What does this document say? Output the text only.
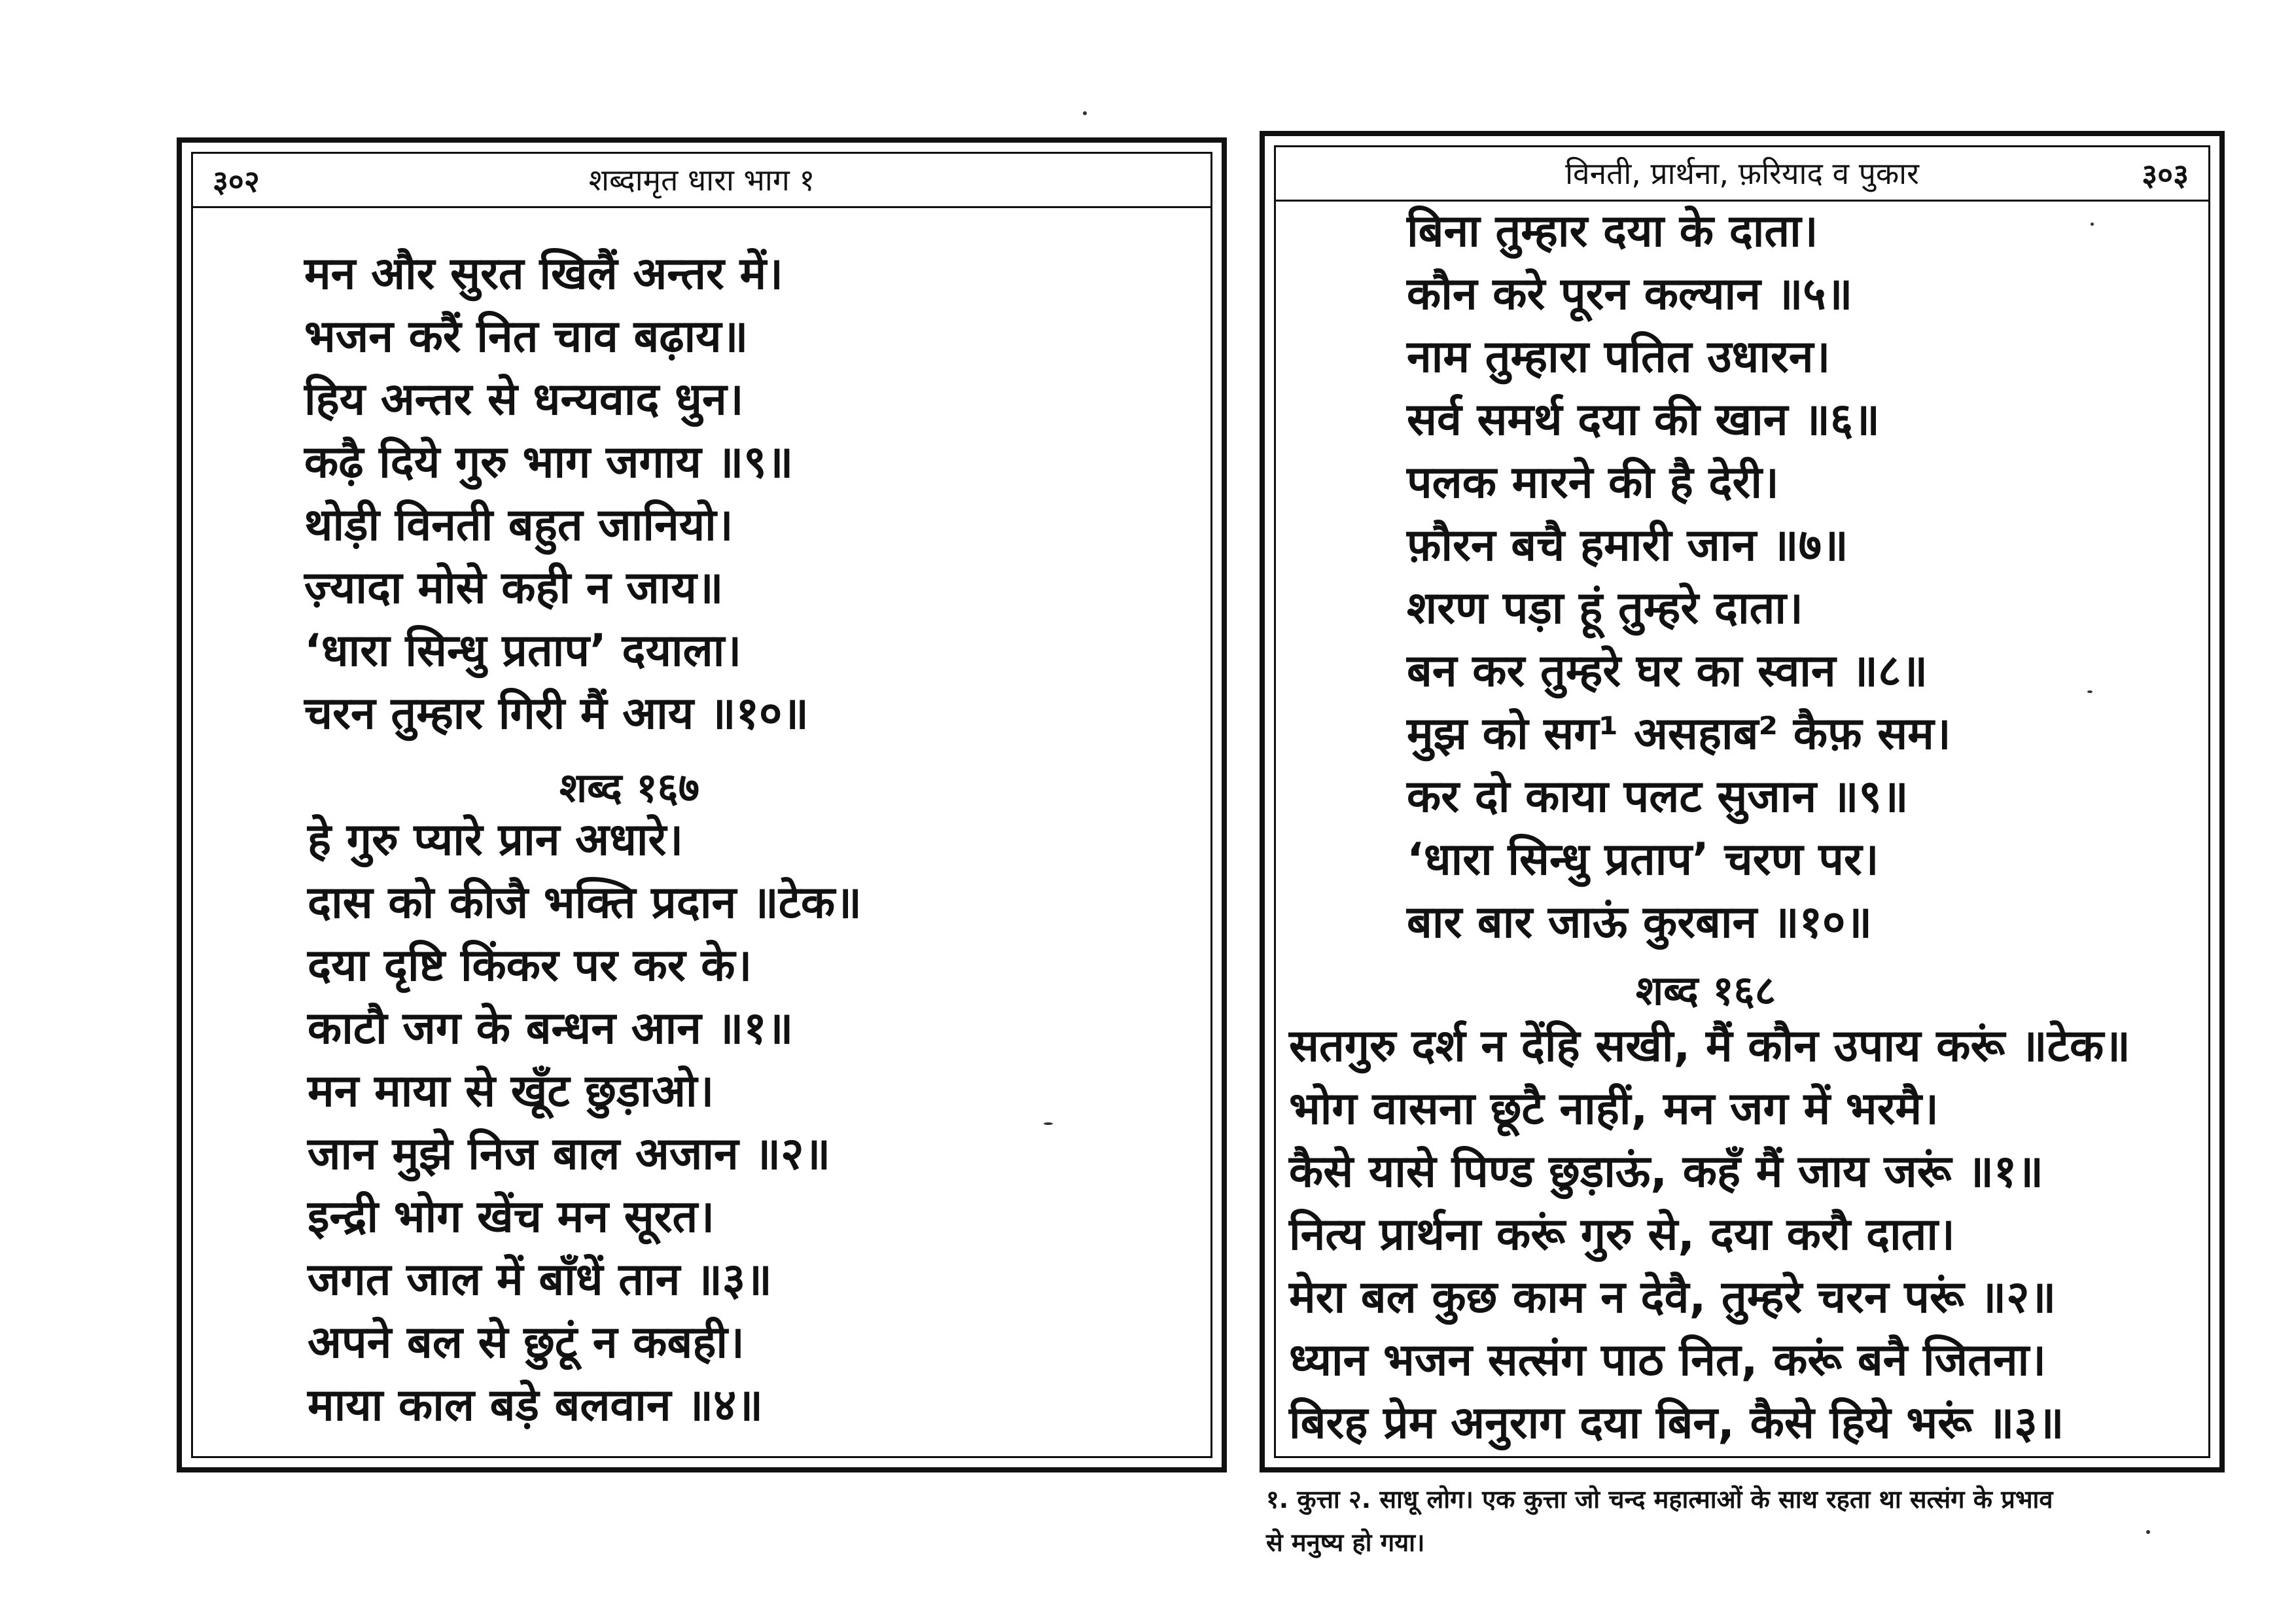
३०२	शब्दामृत धारा भाग १
मन और सुरत खिलैं अन्तर में।
भजन करैं नित चाव बढ़ाय॥
हिय अन्तर से धन्यवाद धुन।
कढ़ै दिये गुरु भाग जगाय ॥९॥
थोड़ी विनती बहुत जानियो।
ज़्यादा मोसे कही न जाय॥
‘धारा सिन्धु प्रताप’ दयाला।
चरन तुम्हार गिरी मैं आय ॥१०॥
शब्द १६७
हे गुरु प्यारे प्रान अधारे।
दास को कीजै भक्ति प्रदान ॥टेक॥
दया दृष्टि किंकर पर कर के।
काटौ जग के बन्धन आन ॥१॥
मन माया से खूँट छुड़ाओ।
जान मुझे निज बाल अजान ॥२॥
इन्द्री भोग खेंच मन सूरत।
जगत जाल में बाँधें तान ॥३॥
अपने बल से छुटूं न कबही।
माया काल बड़े बलवान ॥४॥
विनती, प्रार्थना, फ़रियाद व पुकार	३०३
बिना तुम्हार दया के दाता।
कौन करे पूरन कल्यान ॥५॥
नाम तुम्हारा पतित उधारन।
सर्व समर्थ दया की खान ॥६॥
पलक मारने की है देरी।
फ़ौरन बचै हमारी जान ॥७॥
शरण पड़ा हूं तुम्हरे दाता।
बन कर तुम्हरे घर का स्वान ॥८॥
मुझ को सग¹ असहाब² कैफ़ सम।
कर दो काया पलट सुजान ॥९॥
‘धारा सिन्धु प्रताप’ चरण पर।
बार बार जाऊं कुरबान ॥१०॥
शब्द १६८
सतगुरु दर्श न देंहि सखी, मैं कौन उपाय करूं ॥टेक॥
भोग वासना छूटै नाहीं, मन जग में भरमै।
कैसे यासे पिण्ड छुड़ाऊं, कहँ मैं जाय जरूं ॥१॥
नित्य प्रार्थना करूं गुरु से, दया करौ दाता।
मेरा बल कुछ काम न देवै, तुम्हरे चरन परूं ॥२॥
ध्यान भजन सत्संग पाठ नित, करूं बनै जितना।
बिरह प्रेम अनुराग दया बिन, कैसे हिये भरूं ॥३॥
१. कुत्ता २. साधू लोग। एक कुत्ता जो चन्द महात्माओं के साथ रहता था सत्संग के प्रभाव
से मनुष्य हो गया।
